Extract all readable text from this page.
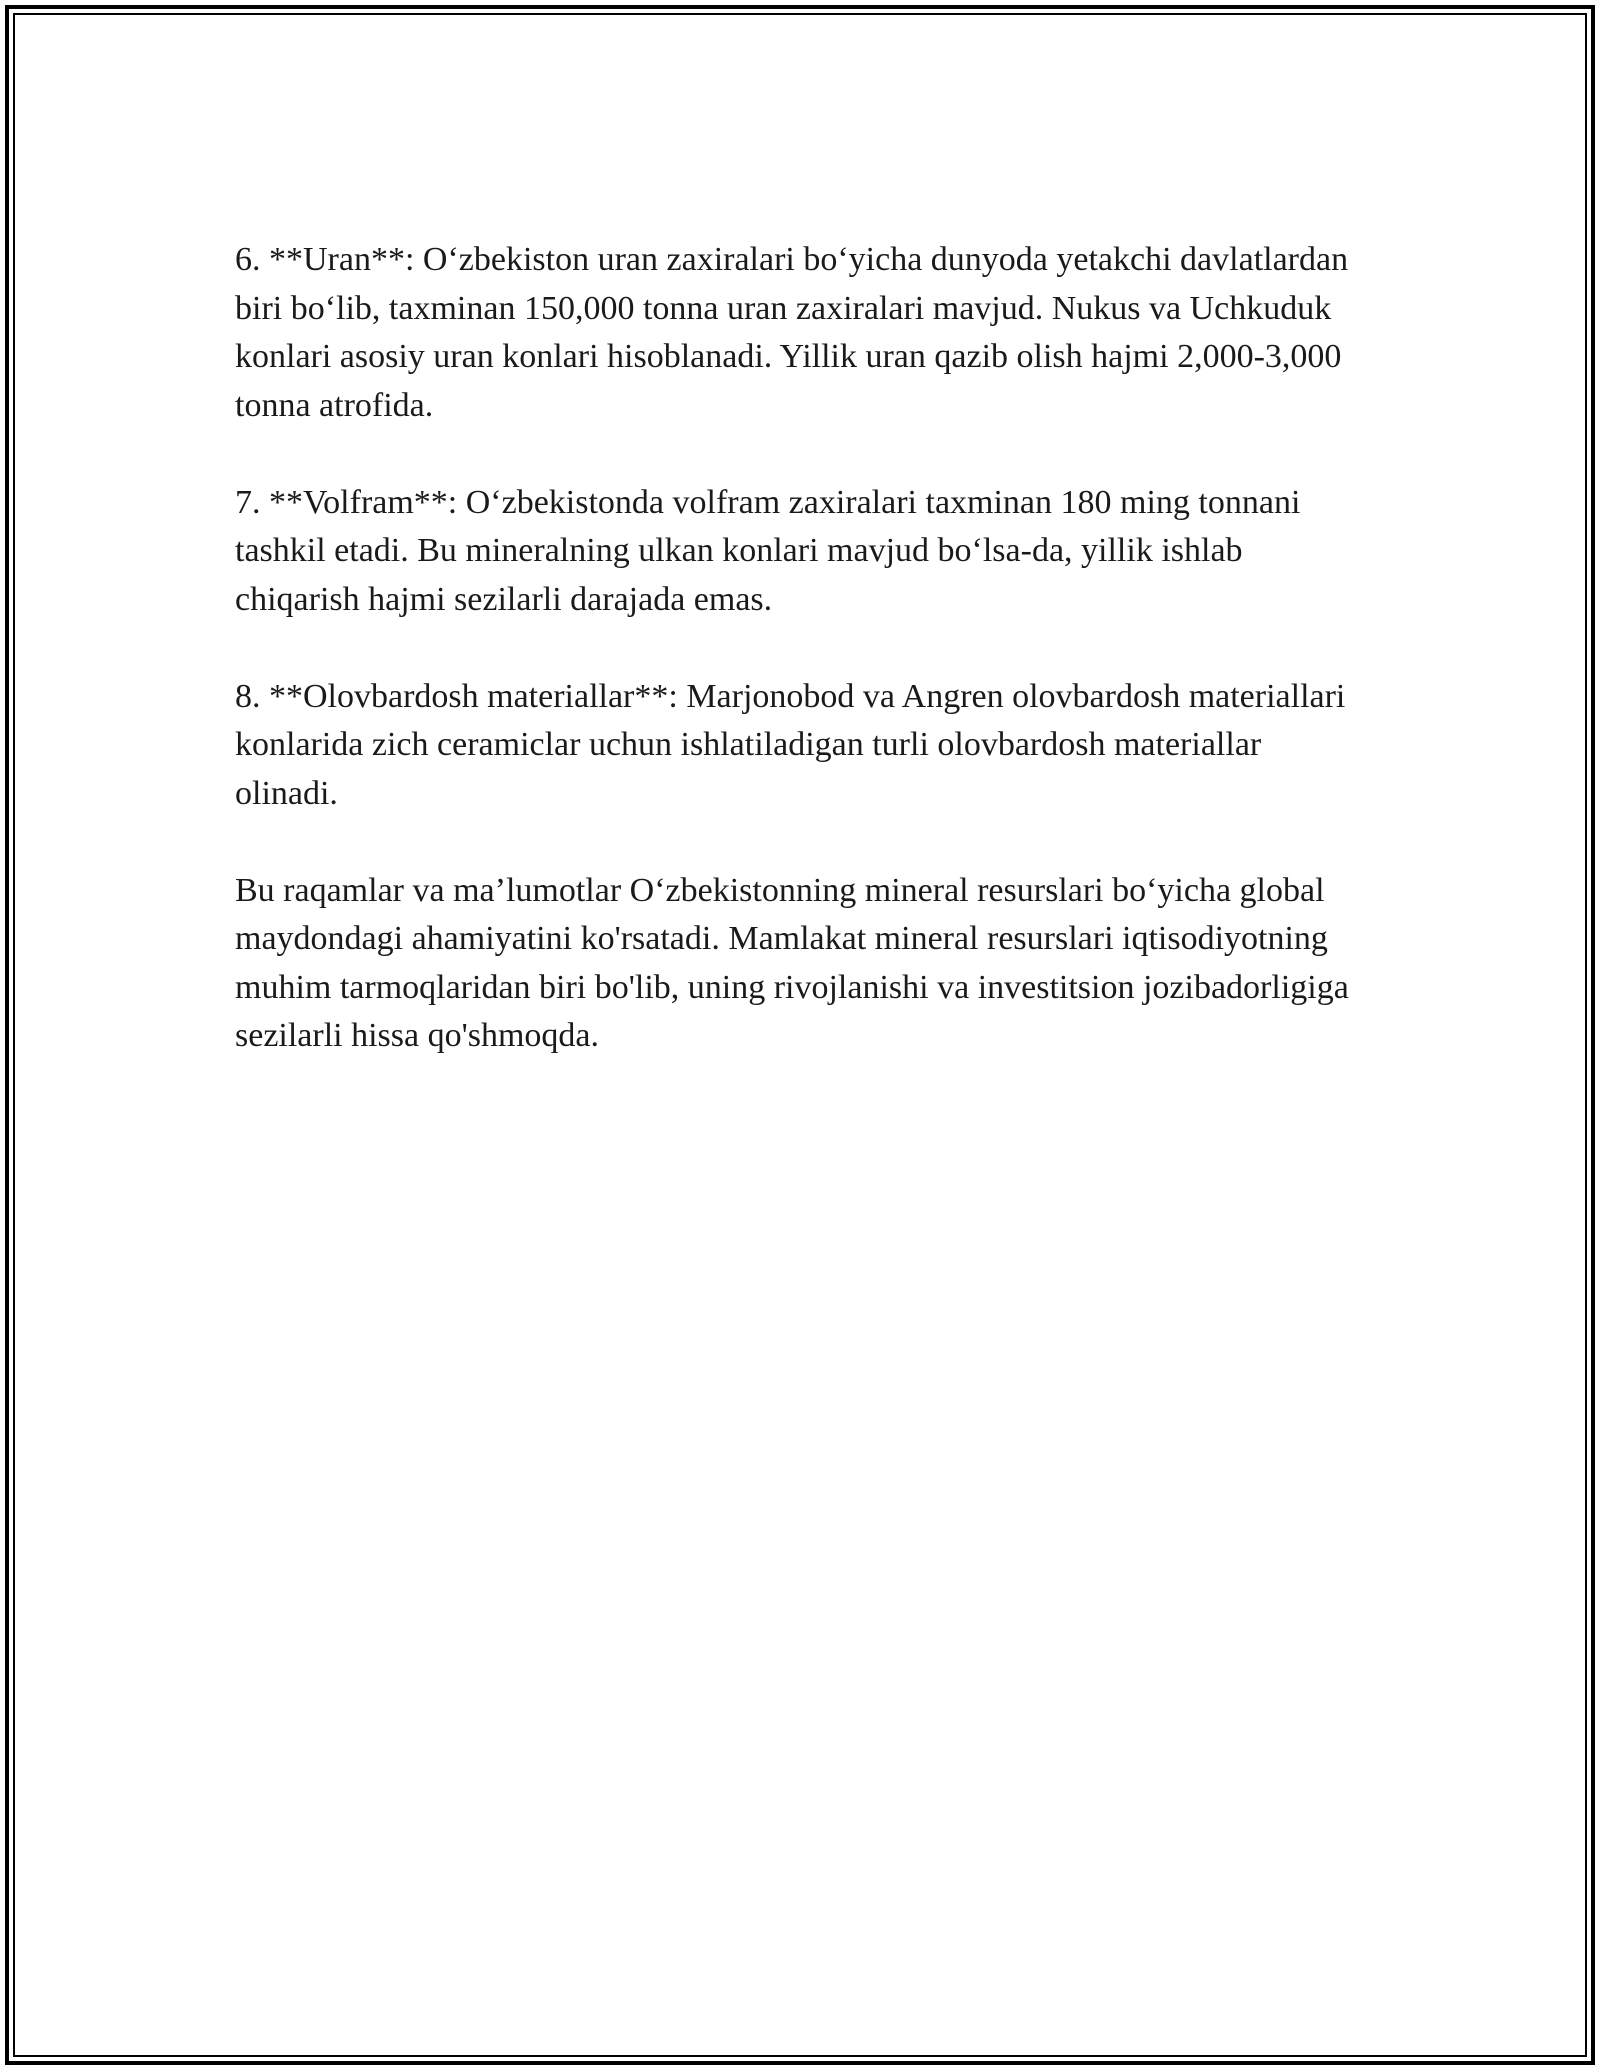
6. **Uran**: O‘zbekiston uran zaxiralari bo‘yicha dunyoda yetakchi davlatlardan biri bo‘lib, taxminan 150,000 tonna uran zaxiralari mavjud. Nukus va Uchkuduk konlari asosiy uran konlari hisoblanadi. Yillik uran qazib olish hajmi 2,000-3,000 tonna atrofida.

7. **Volfram**: O‘zbekistonda volfram zaxiralari taxminan 180 ming tonnani tashkil etadi. Bu mineralning ulkan konlari mavjud bo‘lsa-da, yillik ishlab chiqarish hajmi sezilarli darajada emas.

8. **Olovbardosh materiallar**: Marjonobod va Angren olovbardosh materiallari konlarida zich ceramiclar uchun ishlatiladigan turli olovbardosh materiallar olinadi.

Bu raqamlar va ma’lumotlar O‘zbekistonning mineral resurslari bo‘yicha global maydondagi ahamiyatini ko'rsatadi. Mamlakat mineral resurslari iqtisodiyotning muhim tarmoqlaridan biri bo'lib, uning rivojlanishi va investitsion jozibadorligiga sezilarli hissa qo'shmoqda.
